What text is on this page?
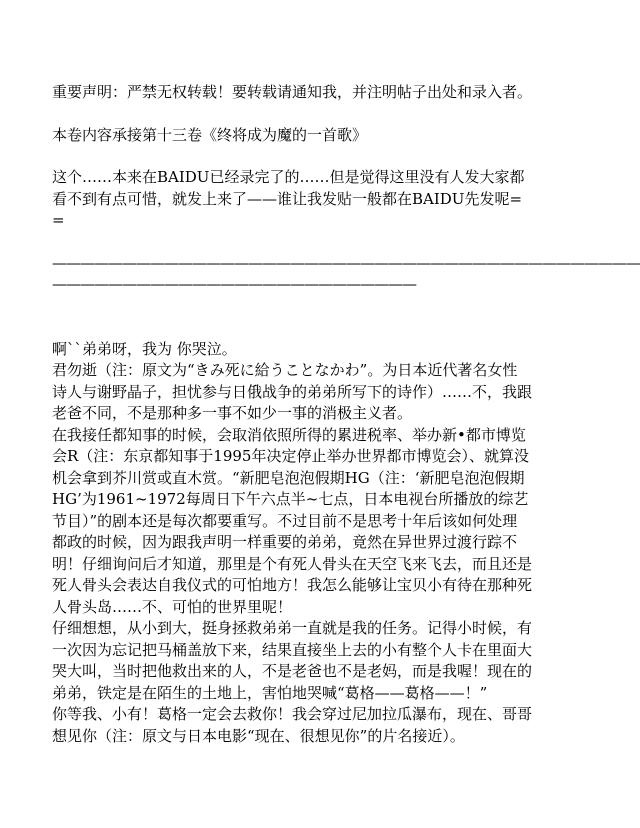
重要声明：严禁无权转载！要转载请通知我，并注明帖子出处和录入者。

本卷内容承接第十三卷《终将成为魔的一首歌》

这个……本来在BAIDU已经录完了的……但是觉得这里没有人发大家都看不到有点可惜，就发上来了——谁让我发贴一般都在BAIDU先发呢= =

——————————————————————————————————————————

——————————————————————————

啊``弟弟呀，我为 你哭泣。

君勿逝（注：原文为“きみ死に給うことなかわ”。为日本近代著名女性诗人与谢野晶子，担忧参与日俄战争的弟弟所写下的诗作）……不，我跟老爸不同，不是那种多一事不如少一事的消极主义者。

在我接任都知事的时候，会取消依照所得的累进税率、举办新•都市博览会R（注：东京都知事于1995年决定停止举办世界都市博览会）、就算没机会拿到芥川赏或直木赏。“新肥皂泡泡假期HG（注：‘新肥皂泡泡假期HG’为1961~1972每周日下午六点半~七点，日本电视台所播放的综艺节目）”的剧本还是每次都要重写。不过目前不是思考十年后该如何处理都政的时候，因为跟我声明一样重要的弟弟，竟然在异世界过渡行踪不明！仔细询问后才知道，那里是个有死人骨头在天空飞来飞去，而且还是死人骨头会表达自我仪式的可怕地方！我怎么能够让宝贝小有待在那种死人骨头岛……不、可怕的世界里呢！

仔细想想，从小到大，挺身拯救弟弟一直就是我的任务。记得小时候，有一次因为忘记把马桶盖放下来，结果直接坐上去的小有整个人卡在里面大哭大叫，当时把他救出来的人，不是老爸也不是老妈，而是我喔！现在的弟弟，铁定是在陌生的土地上，害怕地哭喊“葛格——葛格——！”

你等我、小有！葛格一定会去救你！我会穿过尼加拉瓜瀑布，现在、哥哥想见你（注：原文与日本电影“现在、很想见你”的片名接近）。
